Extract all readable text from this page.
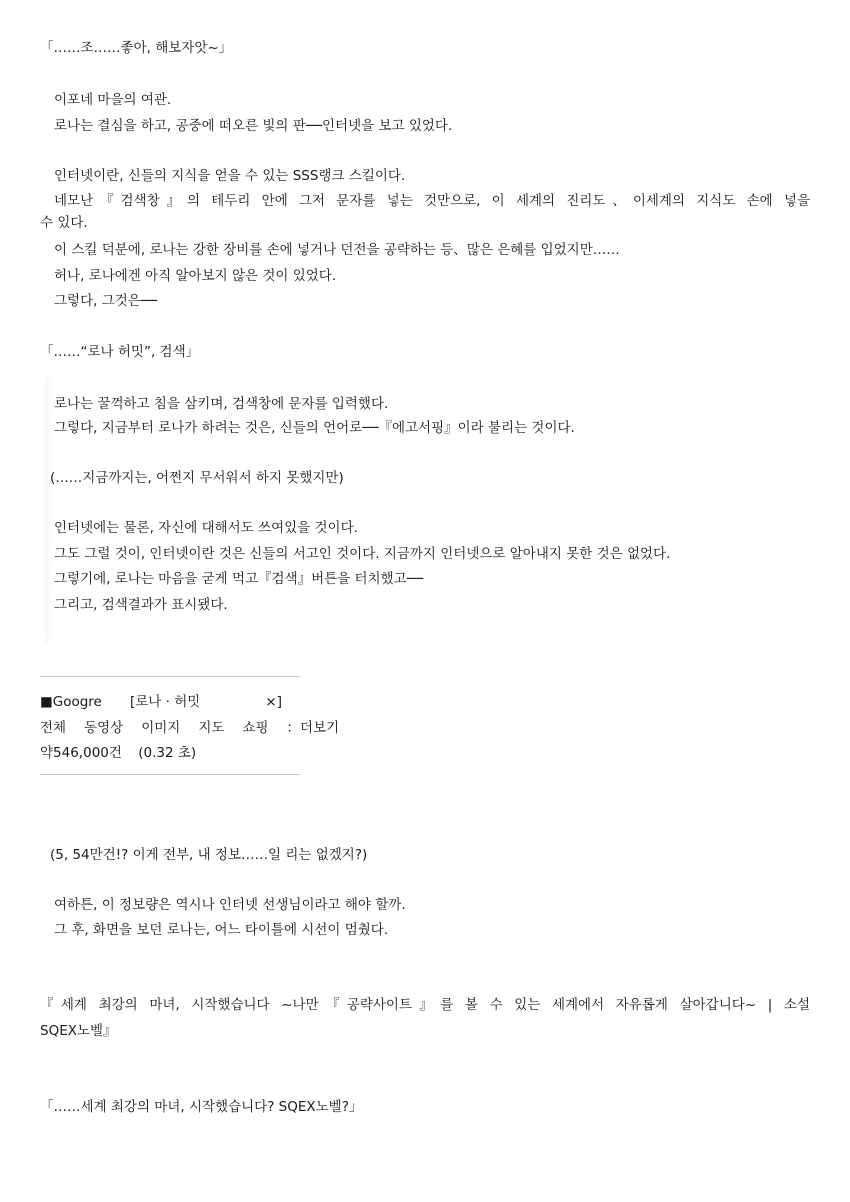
「……조……좋아, 해보자앗~」
이포네 마을의 여관.
로나는 결심을 하고, 공중에 떠오른 빛의 판──인터넷을 보고 있었다.
인터넷이란, 신들의 지식을 얻을 수 있는 SSS랭크 스킬이다.
네모난『검색창』의 테두리 안에 그저 문자를 넣는 것만으로, 이 세계의 진리도、이세계의 지식도 손에 넣을
수 있다.
이 스킬 덕분에, 로나는 강한 장비를 손에 넣거나 던전을 공략하는 등、많은 은혜를 입었지만……
허나, 로나에겐 아직 알아보지 않은 것이 있었다.
그렇다, 그것은──
「……“로나 허밋”, 검색」
로나는 꿀꺽하고 침을 삼키며, 검색창에 문자를 입력했다.
그렇다, 지금부터 로나가 하려는 것은, 신들의 언어로──『에고서핑』이라 불리는 것이다.
(……지금까지는, 어쩐지 무서워서 하지 못했지만)
인터넷에는 물론, 자신에 대해서도 쓰여있을 것이다.
그도 그럴 것이, 인터넷이란 것은 신들의 서고인 것이다. 지금까지 인터넷으로 알아내지 못한 것은 없었다.
그렇기에, 로나는 마음을 굳게 먹고『검색』버튼을 터치했고──
그리고, 검색결과가 표시됐다.
■Googre [로나 · 허밋	×]
전체 동영상 이미지 지도 쇼핑 ：더보기
약546,000건 (0.32 초)
(5, 54만건!? 이게 전부, 내 정보……일 리는 없겠지?)
여하튼, 이 정보량은 역시나 인터넷 선생님이라고 해야 할까.
그 후, 화면을 보던 로나는, 어느 타이틀에 시선이 멈췄다.
『세계 최강의 마녀, 시작했습니다 ~나만『공략사이트』를 볼 수 있는 세계에서 자유롭게 살아갑니다~ | 소설
SQEX노벨』
「……세계 최강의 마녀, 시작했습니다? SQEX노벨?」
